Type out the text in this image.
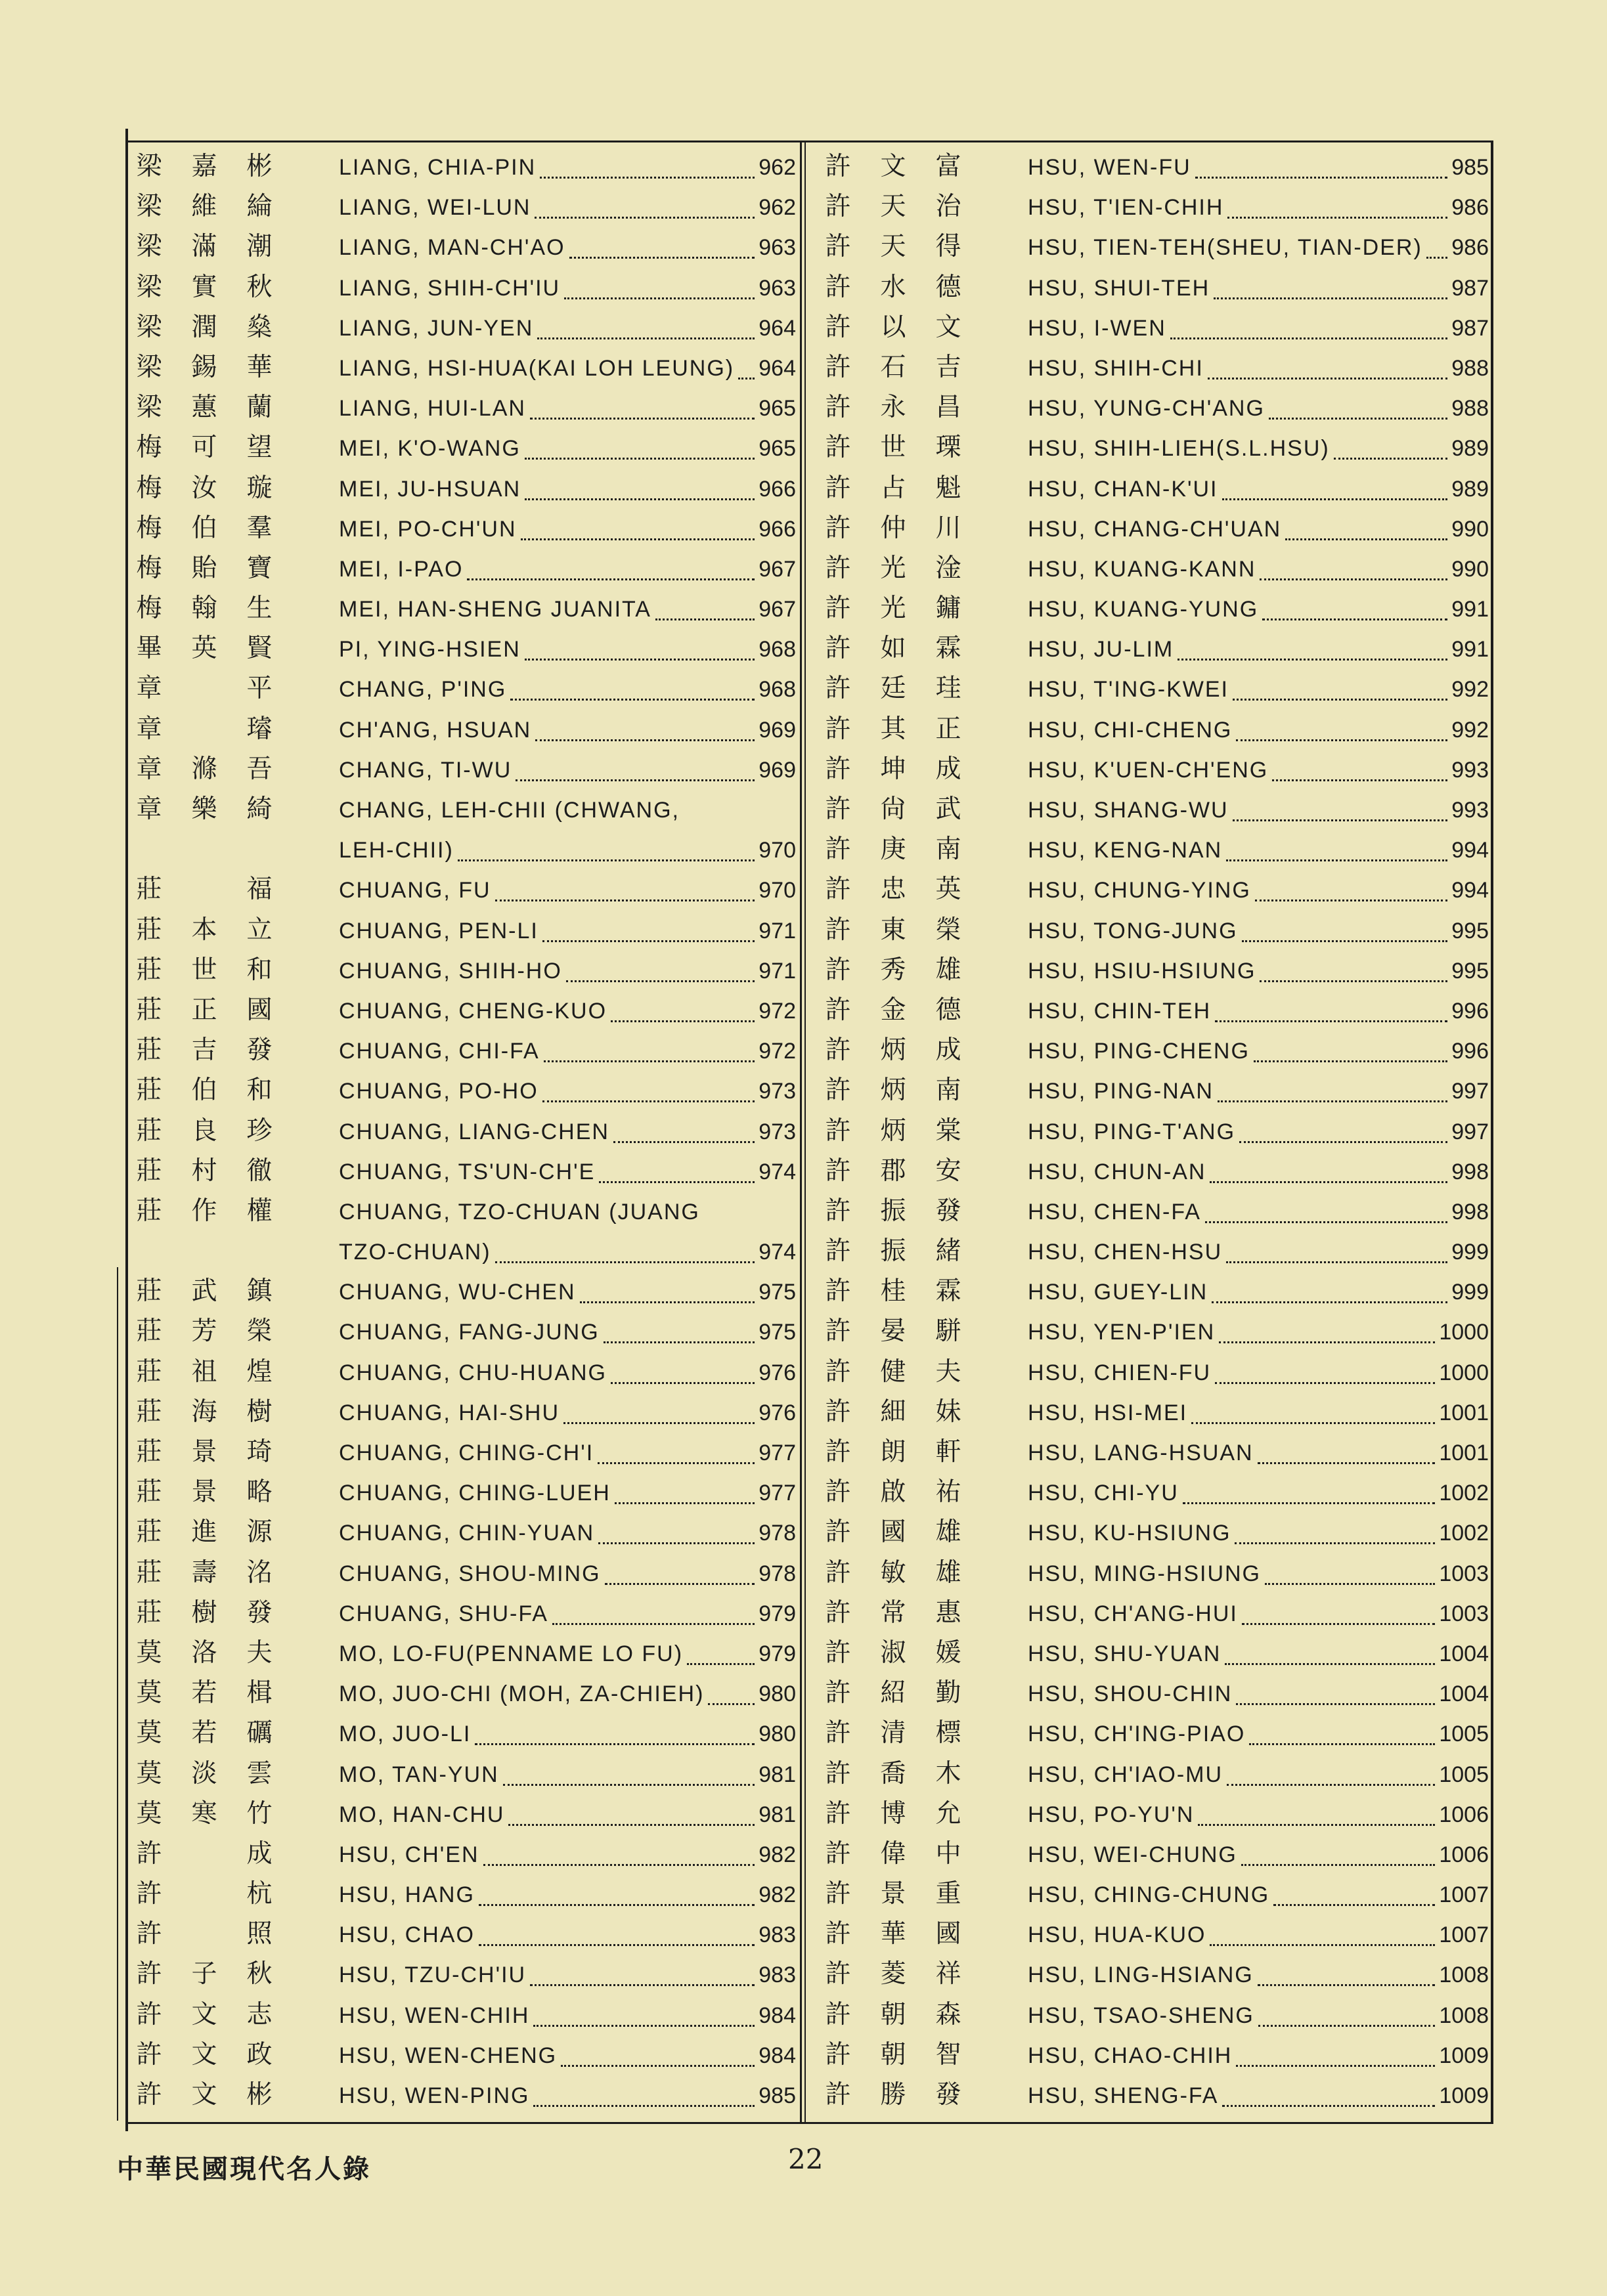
梁 嘉 彬	LIANG, CHIA-PIN	962
梁 維 綸	LIANG, WEI-LUN	962
梁 滿 潮	LIANG, MAN-CH'AO	963
梁 實 秋	LIANG, SHIH-CH'IU	963
梁 潤 燊	LIANG, JUN-YEN	964
梁 錫 華	LIANG, HSI-HUA(KAI LOH LEUNG) 964
梁 蕙 蘭	LIANG, HUI-LAN	965
梅 可 望	MEI, K'O-WANG	965
梅 汝 璇	MEI, JU-HSUAN	966
梅 伯 羣	MEI, PO-CH'UN	966
梅 貽 寶	MEI, I-PAO	967
梅 翰 生	MEI, HAN-SHENG JUANITA	967
畢 英 賢	PI, YING-HSIEN	968
章	平	CHANG, P'ING	968
章	璿	CH'ANG, HSUAN	969
章 滌 吾	CHANG, TI-WU	969
章 樂 綺	CHANG, LEH-CHII (CHWANG,
LEH-CHII)	970
莊	福	CHUANG, FU	970
莊 本 立	CHUANG, PEN-LI	971
莊 世 和	CHUANG, SHIH-HO	971
莊 正 國	CHUANG, CHENG-KUO	972
莊 吉 發	CHUANG, CHI-FA	972
莊 伯 和	CHUANG, PO-HO	973
莊 良 珍	CHUANG, LIANG-CHEN	973
莊 村 徹	CHUANG, TS'UN-CH'E	974
莊 作 權	CHUANG, TZO-CHUAN (JUANG
TZO-CHUAN)	974
莊 武 鎮	CHUANG, WU-CHEN	975
莊 芳 榮	CHUANG, FANG-JUNG	975
莊 祖 煌	CHUANG, CHU-HUANG	976
莊 海 樹	CHUANG, HAI-SHU	976
莊 景 琦	CHUANG, CHING-CH'I	977
莊 景 略	CHUANG, CHING-LUEH	977
莊 進 源	CHUANG, CHIN-YUAN	978
莊 壽 洺	CHUANG, SHOU-MING	978
莊 樹 發	CHUANG, SHU-FA	979
莫 洛 夫	MO, LO-FU(PENNAME LO FU)	979
莫 若 楫	MO, JUO-CHI (MOH, ZA-CHIEH) 980
莫 若 礪	MO, JUO-LI	980
莫 淡 雲	MO, TAN-YUN	981
莫 寒 竹	MO, HAN-CHU	981
許	成	HSU, CH'EN	982
許	杭	HSU, HANG	982
許	照	HSU, CHAO	983
許 子 秋	HSU, TZU-CH'IU	983
許 文 志	HSU, WEN-CHIH	984
許 文 政	HSU, WEN-CHENG	984
許 文 彬	HSU, WEN-PING	985
許 文 富	HSU, WEN-FU	985
許 天 治	HSU, T'IEN-CHIH	986
許 天 得	HSU, TIEN-TEH(SHEU, TIAN-DER) 986
許 水 德	HSU, SHUI-TEH	987
許 以 文	HSU, I-WEN	987
許 石 吉	HSU, SHIH-CHI	988
許 永 昌	HSU, YUNG-CH'ANG	988
許 世 瑮	HSU, SHIH-LIEH(S.L.HSU)	989
許 占 魁	HSU, CHAN-K'UI	989
許 仲 川	HSU, CHANG-CH'UAN	990
許 光 淦	HSU, KUANG-KANN	990
許 光 鏞	HSU, KUANG-YUNG	991
許 如 霖	HSU, JU-LIM	991
許 廷 珪	HSU, T'ING-KWEI	992
許 其 正	HSU, CHI-CHENG	992
許 坤 成	HSU, K'UEN-CH'ENG	993
許 尙 武	HSU, SHANG-WU	993
許 庚 南	HSU, KENG-NAN	994
許 忠 英	HSU, CHUNG-YING	994
許 東 榮	HSU, TONG-JUNG	995
許 秀 雄	HSU, HSIU-HSIUNG	995
許 金 德	HSU, CHIN-TEH	996
許 炳 成	HSU, PING-CHENG	996
許 炳 南	HSU, PING-NAN	997
許 炳 棠	HSU, PING-T'ANG	997
許 郡 安	HSU, CHUN-AN	998
許 振 發	HSU, CHEN-FA	998
許 振 緒	HSU, CHEN-HSU	999
許 桂 霖	HSU, GUEY-LIN	999
許 晏 駢	HSU, YEN-P'IEN	1000
許 健 夫	HSU, CHIEN-FU	1000
許 細 妹	HSU, HSI-MEI	1001
許 朗 軒	HSU, LANG-HSUAN	1001
許 啟 祐	HSU, CHI-YU	1002
許 國 雄	HSU, KU-HSIUNG	1002
許 敏 雄	HSU, MING-HSIUNG	1003
許 常 惠	HSU, CH'ANG-HUI	1003
許 淑 媛	HSU, SHU-YUAN	1004
許 紹 勤	HSU, SHOU-CHIN	1004
許 清 標	HSU, CH'ING-PIAO	1005
許 喬 木	HSU, CH'IAO-MU	1005
許 博 允	HSU, PO-YU'N	1006
許 偉 中	HSU, WEI-CHUNG	1006
許 景 重	HSU, CHING-CHUNG	1007
許 華 國	HSU, HUA-KUO	1007
許 菱 祥	HSU, LING-HSIANG	1008
許 朝 森	HSU, TSAO-SHENG	1008
許 朝 智	HSU, CHAO-CHIH	1009
許 勝 發	HSU, SHENG-FA	1009
中華民國現代名人錄	22
